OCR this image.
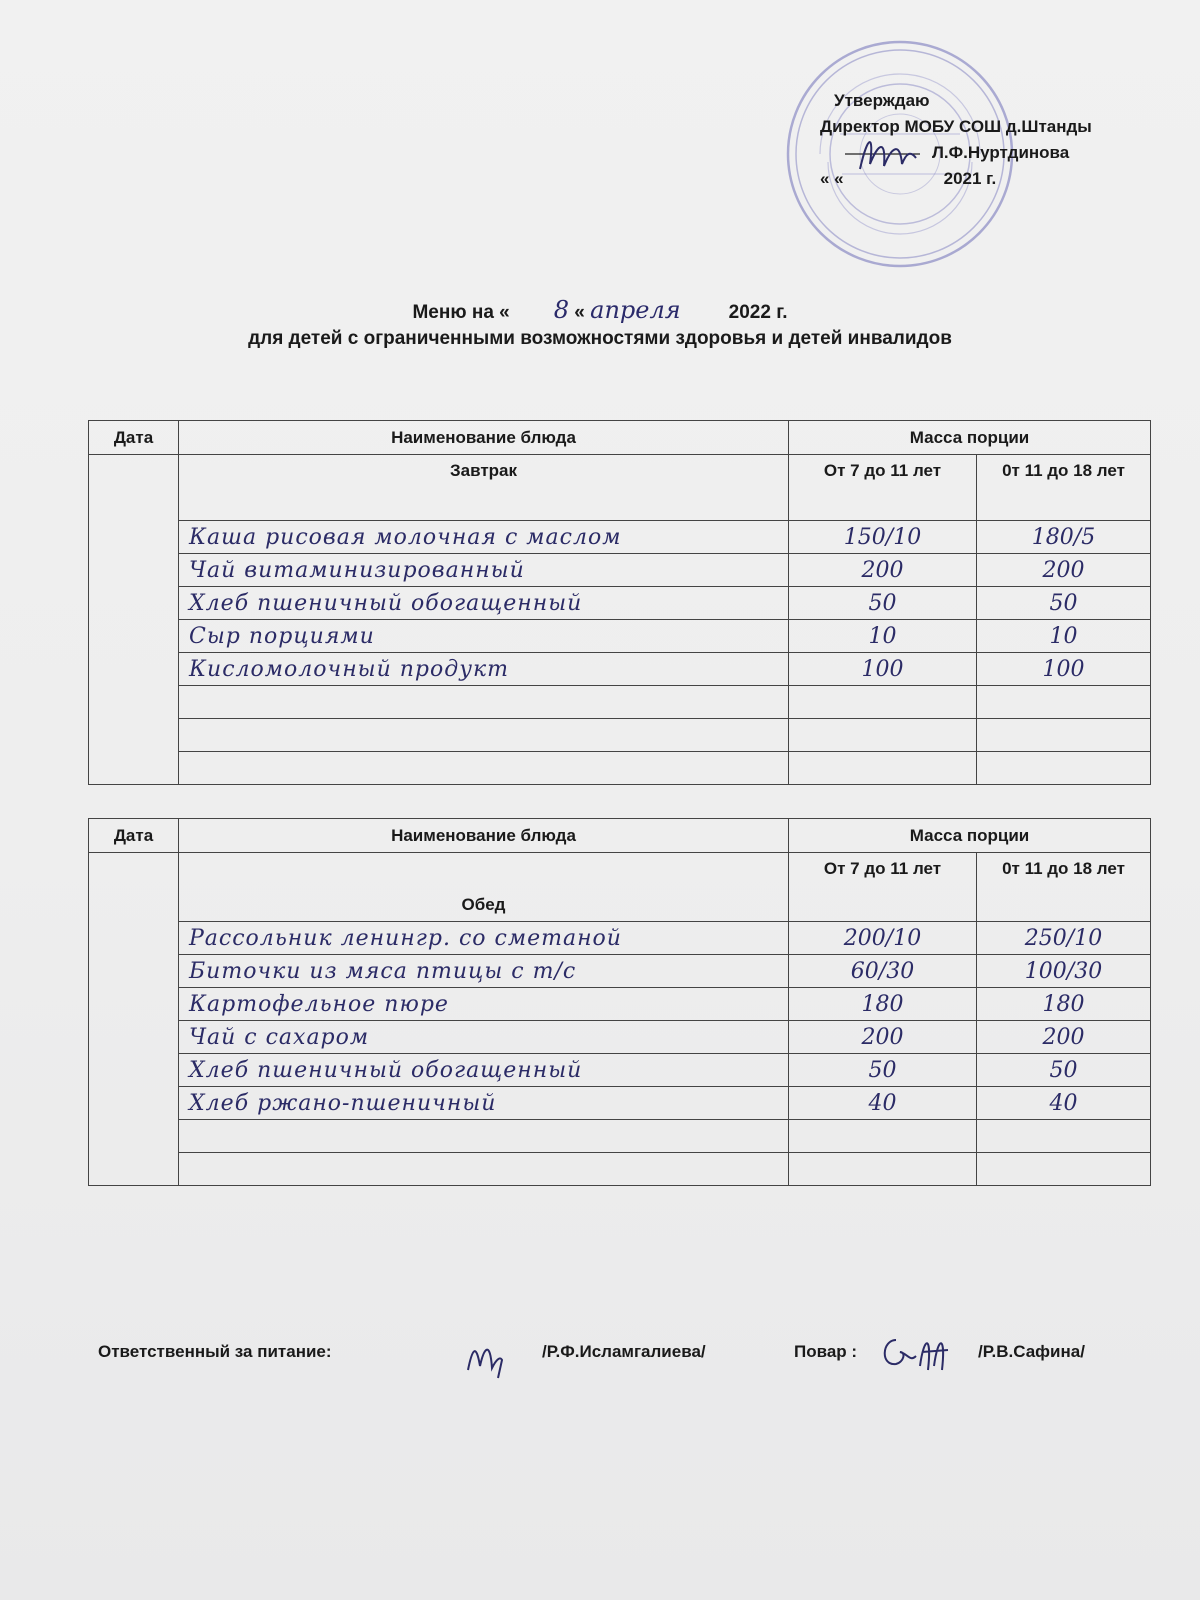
Утверждаю
Директор МОБУ СОШ д.Штанды
Л.Ф.Нуртдинова
« «	2021 г.
Меню на « 8 « апреля	2022 г.
для детей с ограниченными возможностями здоровья и детей инвалидов
Дата	Наименование блюда	Масса порции	
	Завтрак	От 7 до 11 лет	0т 11 до 18 лет
	Каша рисовая молочная с маслом	150/10	180/5
	Чай витаминизированный	200	200
	Хлеб пшеничный обогащенный	50	50
	Сыр порциями	10	10
	Кисломолочный продукт	100	100

Дата	Наименование блюда	Масса порции	
	Обед	От 7 до 11 лет	0т 11 до 18 лет
	Рассольник ленингр. со сметаной	200/10	250/10
	Биточки из мяса птицы с т/с	60/30	100/30
	Картофельное пюре	180	180
	Чай с сахаром	200	200
	Хлеб пшеничный обогащенный	50	50
	Хлеб ржано-пшеничный	40	40

Ответственный за питание:	/Р.Ф.Исламгалиева/	Повар :	/Р.В.Сафина/
